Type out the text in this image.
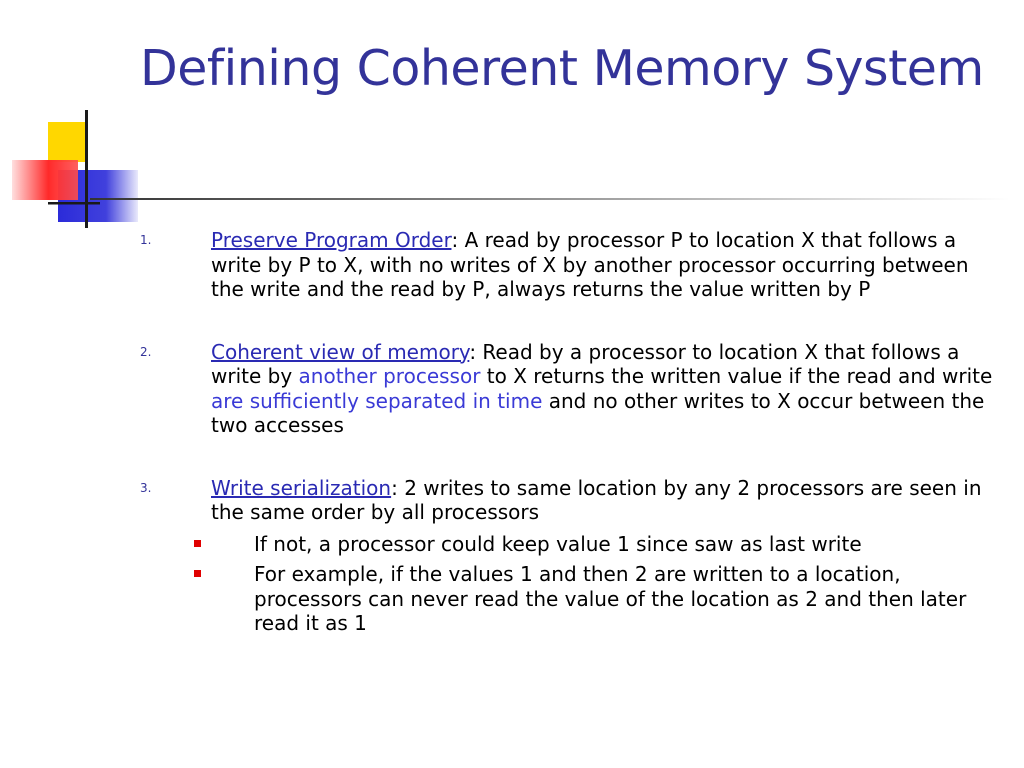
Defining Coherent Memory System
1.	Preserve Program Order: A read by processor P to location X that follows a write by P to X, with no writes of X by another processor occurring between the write and the read by P, always returns the value written by P

2.	Coherent view of memory: Read by a processor to location X that follows a write by another processor to X returns the written value if the read and write are sufficiently separated in time and no other writes to X occur between the two accesses

3.	Write serialization: 2 writes to same location by any 2 processors are seen in the same order by all processors

If not, a processor could keep value 1 since saw as last write
For example, if the values 1 and then 2 are written to a location, processors can never read the value of the location as 2 and then later read it as 1
